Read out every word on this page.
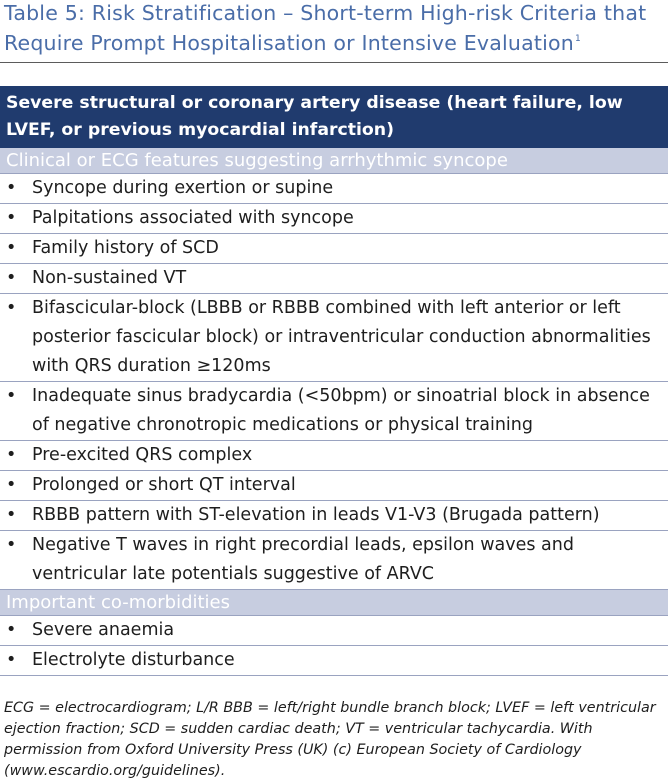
Table 5: Risk Stratification – Short-term High-risk Criteria that Require Prompt Hospitalisation or Intensive Evaluation$^1$
Severe structural or coronary artery disease (heart failure, low LVEF, or previous myocardial infarction)
Clinical or ECG features suggesting arrhythmic syncope
• Syncope during exertion or supine
• Palpitations associated with syncope
• Family history of SCD
• Non-sustained VT
• Bifascicular-block (LBBB or RBBB combined with left anterior or left posterior fascicular block) or intraventricular conduction abnormalities with QRS duration ≥120ms
• Inadequate sinus bradycardia (<50bpm) or sinoatrial block in absence of negative chronotropic medications or physical training
• Pre-excited QRS complex
• Prolonged or short QT interval
• RBBB pattern with ST-elevation in leads V1-V3 (Brugada pattern)
• Negative T waves in right precordial leads, epsilon waves and ventricular late potentials suggestive of ARVC
Important co-morbidities
• Severe anaemia
• Electrolyte disturbance
ECG = electrocardiogram; L/R BBB = left/right bundle branch block; LVEF = left ventricular ejection fraction; SCD = sudden cardiac death; VT = ventricular tachycardia. With permission from Oxford University Press (UK) (c) European Society of Cardiology (www.escardio.org/guidelines).
